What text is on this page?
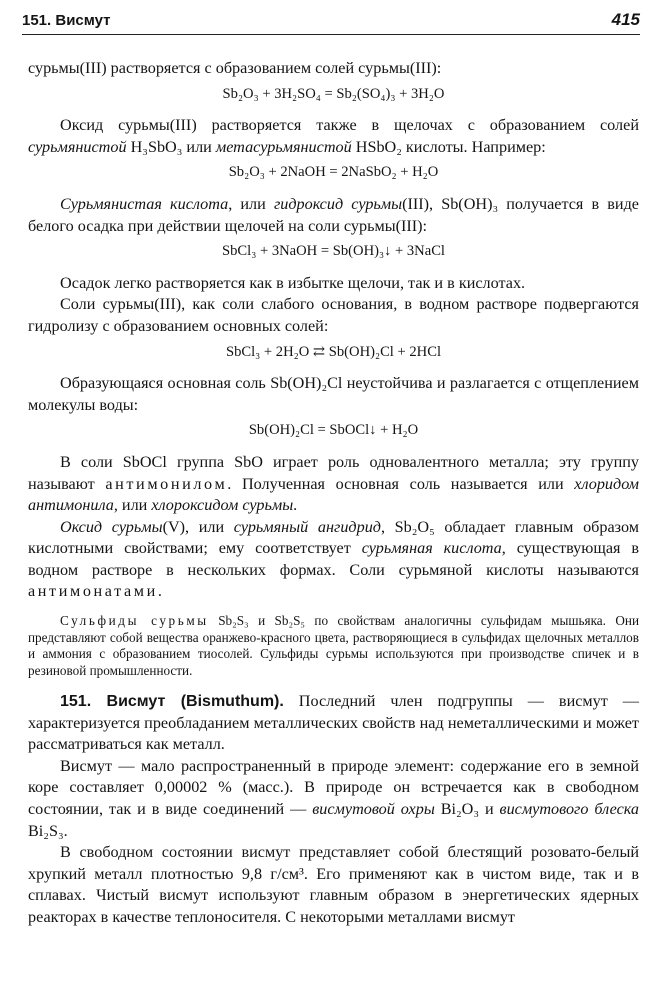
151. Висмут	415

сурьмы(III) растворяется с образованием солей сурьмы(III):

Sb₂O₃ + 3H₂SO₄ = Sb₂(SO₄)₃ + 3H₂O

Оксид сурьмы(III) растворяется также в щелочах с образованием солей сурьмянистой H₃SbO₃ или метасурьмянистой HSbO₂ кислоты. Например:

Sb₂O₃ + 2NaOH = 2NaSbO₂ + H₂O

Сурьмянистая кислота, или гидроксид сурьмы(III), Sb(OH)₃ получается в виде белого осадка при действии щелочей на соли сурьмы(III):

SbCl₃ + 3NaOH = Sb(OH)₃↓ + 3NaCl

Осадок легко растворяется как в избытке щелочи, так и в кислотах.

Соли сурьмы(III), как соли слабого основания, в водном растворе подвергаются гидролизу с образованием основных солей:

SbCl₃ + 2H₂O ⇄ Sb(OH)₂Cl + 2HCl

Образующаяся основная соль Sb(OH)₂Cl неустойчива и разлагается с отщеплением молекулы воды:

Sb(OH)₂Cl = SbOCl↓ + H₂O

В соли SbOCl группа SbO играет роль одновалентного металла; эту группу называют антимонилом. Полученная основная соль называется или хлоридом антимонила, или хлороксидом сурьмы.

Оксид сурьмы(V), или сурьмяный ангидрид, Sb₂O₅ обладает главным образом кислотными свойствами; ему соответствует сурьмяная кислота, существующая в водном растворе в нескольких формах. Соли сурьмяной кислоты называются антимонатами.

Сульфиды сурьмы Sb₂S₃ и Sb₂S₅ по свойствам аналогичны сульфидам мышьяка. Они представляют собой вещества оранжево-красного цвета, растворяющиеся в сульфидах щелочных металлов и аммония с образованием тиосолей. Сульфиды сурьмы используются при производстве спичек и в резиновой промышленности.

151. Висмут (Bismuthum). Последний член подгруппы — висмут — характеризуется преобладанием металлических свойств над неметаллическими и может рассматриваться как металл.

Висмут — мало распространенный в природе элемент: содержание его в земной коре составляет 0,00002 % (масс.). В природе он встречается как в свободном состоянии, так и в виде соединений — висмутовой охры Bi₂O₃ и висмутового блеска Bi₂S₃.

В свободном состоянии висмут представляет собой блестящий розовато-белый хрупкий металл плотностью 9,8 г/см³. Его применяют как в чистом виде, так и в сплавах. Чистый висмут используют главным образом в энергетических ядерных реакторах в качестве теплоносителя. С некоторыми металлами висмут
